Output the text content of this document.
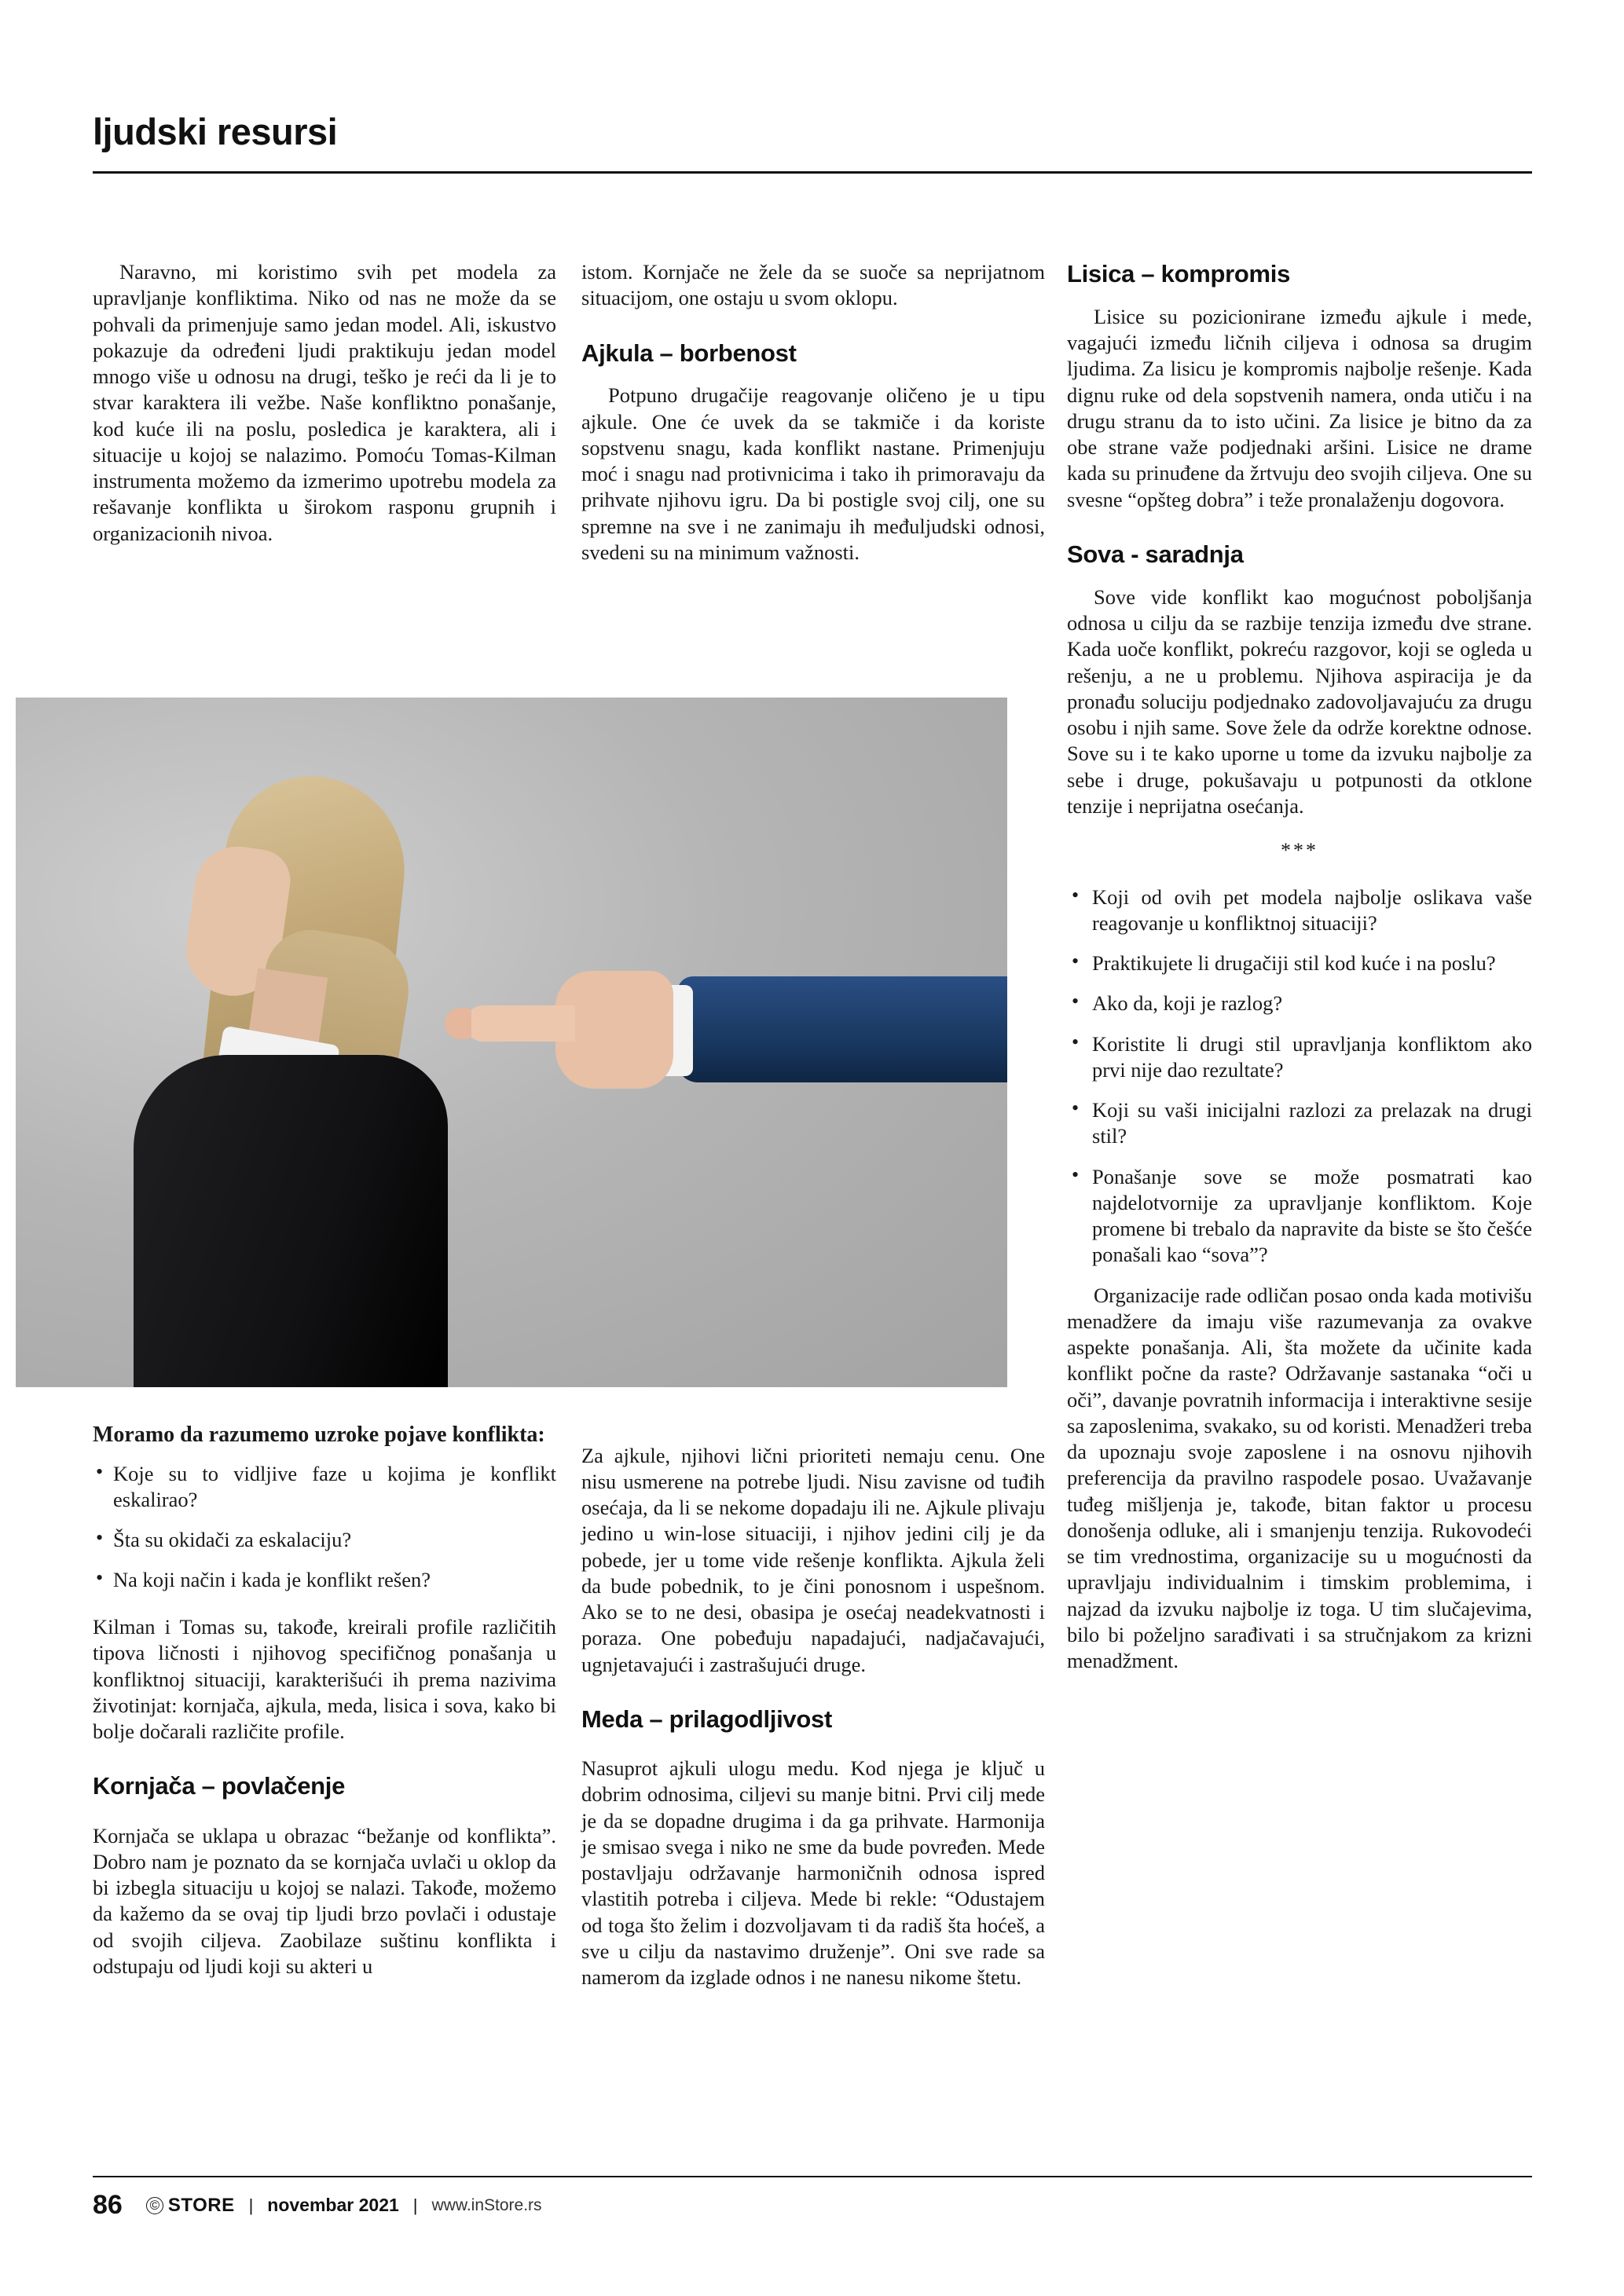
ljudski resursi

Naravno, mi koristimo svih pet modela za upravljanje konfliktima. Niko od nas ne može da se pohvali da primenjuje samo jedan model. Ali, iskustvo pokazuje da određeni ljudi praktikuju jedan model mnogo više u odnosu na drugi, teško je reći da li je to stvar karaktera ili vežbe. Naše konfliktno ponašanje, kod kuće ili na poslu, posledica je karaktera, ali i situacije u kojoj se nalazimo. Pomoću Tomas-Kilman instrumenta možemo da izmerimo upotrebu modela za rešavanje konflikta u širokom rasponu grupnih i organizacionih nivoa.

istom. Kornjače ne žele da se suoče sa neprijatnom situacijom, one ostaju u svom oklopu.

Ajkula – borbenost

Potpuno drugačije reagovanje oličeno je u tipu ajkule. One će uvek da se takmiče i da koriste sopstvenu snagu, kada konflikt nastane. Primenjuju moć i snagu nad protivnicima i tako ih primoravaju da prihvate njihovu igru. Da bi postigle svoj cilj, one su spremne na sve i ne zanimaju ih međuljudski odnosi, svedeni su na minimum važnosti.

Lisica – kompromis

Lisice su pozicionirane između ajkule i mede, vagajući između ličnih ciljeva i odnosa sa drugim ljudima. Za lisicu je kompromis najbolje rešenje. Kada dignu ruke od dela sopstvenih namera, onda utiču i na drugu stranu da to isto učini. Za lisice je bitno da za obe strane važe podjednaki aršini. Lisice ne drame kada su prinuđene da žrtvuju deo svojih ciljeva. One su svesne “opšteg dobra” i teže pronalaženju dogovora.

Sova - saradnja

Sove vide konflikt kao mogućnost poboljšanja odnosa u cilju da se razbije tenzija između dve strane. Kada uoče konflikt, pokreću razgovor, koji se ogleda u rešenju, a ne u problemu. Njihova aspiracija je da pronađu soluciju podjednako zadovoljavajuću za drugu osobu i njih same. Sove žele da održe korektne odnose. Sove su i te kako uporne u tome da izvuku najbolje za sebe i druge, pokušavaju u potpunosti da otklone tenzije i neprijatna osećanja.

***
• Koji od ovih pet modela najbolje oslikava vaše reagovanje u konfliktnoj situaciji?
• Praktikujete li drugačiji stil kod kuće i na poslu?
• Ako da, koji je razlog?
• Koristite li drugi stil upravljanja konfliktom ako prvi nije dao rezultate?
• Koji su vaši inicijalni razlozi za prelazak na drugi stil?
• Ponašanje sove se može posmatrati kao najdelotvornije za upravljanje konfliktom. Koje promene bi trebalo da napravite da biste se što češće ponašali kao “sova”?

Organizacije rade odličan posao onda kada motivišu menadžere da imaju više razumevanja za ovakve aspekte ponašanja. Ali, šta možete da učinite kada konflikt počne da raste? Održavanje sastanaka “oči u oči”, davanje povratnih informacija i interaktivne sesije sa zaposlenima, svakako, su od koristi. Menadžeri treba da upoznaju svoje zaposlene i na osnovu njihovih preferencija da pravilno raspodele posao. Uvažavanje tuđeg mišljenja je, takođe, bitan faktor u procesu donošenja odluke, ali i smanjenju tenzija. Rukovodeći se tim vrednostima, organizacije su u mogućnosti da upravljaju individualnim i timskim problemima, i najzad da izvuku najbolje iz toga. U tim slučajevima, bilo bi poželjno sarađivati i sa stručnjakom za krizni menadžment.

Moramo da razumemo uzroke pojave konflikta:
• Koje su to vidljive faze u kojima je konflikt eskalirao?
• Šta su okidači za eskalaciju?
• Na koji način i kada je konflikt rešen?

Kilman i Tomas su, takođe, kreirali profile različitih tipova ličnosti i njihovog specifičnog ponašanja u konfliktnoj situaciji, karakterišući ih prema nazivima životinjat: kornjača, ajkula, meda, lisica i sova, kako bi bolje dočarali različite profile.

Kornjača – povlačenje

Kornjača se uklapa u obrazac “bežanje od konflikta”. Dobro nam je poznato da se kornjača uvlači u oklop da bi izbegla situaciju u kojoj se nalazi. Takođe, možemo da kažemo da se ovaj tip ljudi brzo povlači i odustaje od svojih ciljeva. Zaobilaze suštinu konflikta i odstupaju od ljudi koji su akteri u

Za ajkule, njihovi lični prioriteti nemaju cenu. One nisu usmerene na potrebe ljudi. Nisu zavisne od tuđih osećaja, da li se nekome dopadaju ili ne. Ajkule plivaju jedino u win-lose situaciji, i njihov jedini cilj je da pobede, jer u tome vide rešenje konflikta. Ajkula želi da bude pobednik, to je čini ponosnom i uspešnom. Ako se to ne desi, obasipa je osećaj neadekvatnosti i poraza. One pobeđuju napadajući, nadjačavajući, ugnjetavajući i zastrašujući druge.

Meda – prilagodljivost

Nasuprot ajkuli ulogu medu. Kod njega je ključ u dobrim odnosima, ciljevi su manje bitni. Prvi cilj mede je da se dopadne drugima i da ga prihvate. Harmonija je smisao svega i niko ne sme da bude povređen. Mede postavljaju održavanje harmoničnih odnosa ispred vlastitih potreba i ciljeva. Mede bi rekle: “Odustajem od toga što želim i dozvoljavam ti da radiš šta hoćeš, a sve u cilju da nastavimo druženje”. Oni sve rade sa namerom da izglade odnos i ne nanesu nikome štetu.

86 © STORE | novembar 2021 | www.inStore.rs
